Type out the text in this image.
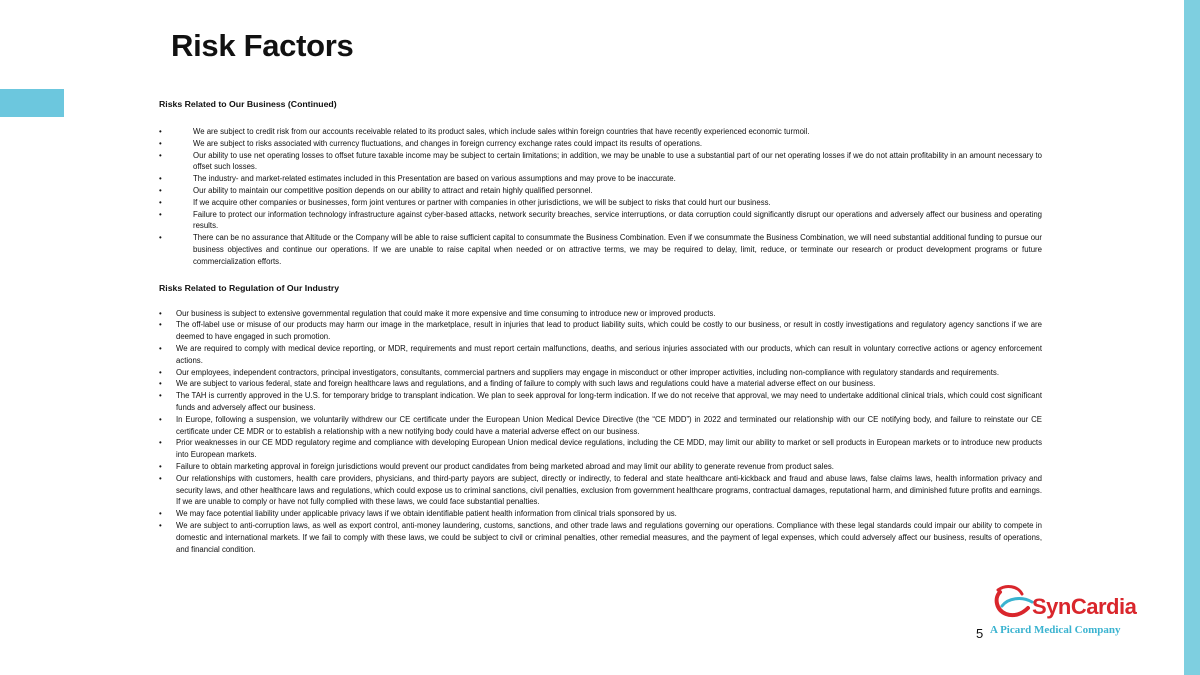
Risk Factors
Risks Related to Our Business (Continued)
• We are subject to credit risk from our accounts receivable related to its product sales, which include sales within foreign countries that have recently experienced economic turmoil.
• We are subject to risks associated with currency fluctuations, and changes in foreign currency exchange rates could impact its results of operations.
• Our ability to use net operating losses to offset future taxable income may be subject to certain limitations; in addition, we may be unable to use a substantial part of our net operating losses if we do not attain profitability in an amount necessary to offset such losses.
• The industry- and market-related estimates included in this Presentation are based on various assumptions and may prove to be inaccurate.
• Our ability to maintain our competitive position depends on our ability to attract and retain highly qualified personnel.
• If we acquire other companies or businesses, form joint ventures or partner with companies in other jurisdictions, we will be subject to risks that could hurt our business.
• Failure to protect our information technology infrastructure against cyber-based attacks, network security breaches, service interruptions, or data corruption could significantly disrupt our operations and adversely affect our business and operating results.
• There can be no assurance that Altitude or the Company will be able to raise sufficient capital to consummate the Business Combination. Even if we consummate the Business Combination, we will need substantial additional funding to pursue our business objectives and continue our operations. If we are unable to raise capital when needed or on attractive terms, we may be required to delay, limit, reduce, or terminate our research or product development programs or future commercialization efforts.
Risks Related to Regulation of Our Industry
• Our business is subject to extensive governmental regulation that could make it more expensive and time consuming to introduce new or improved products.
• The off-label use or misuse of our products may harm our image in the marketplace, result in injuries that lead to product liability suits, which could be costly to our business, or result in costly investigations and regulatory agency sanctions if we are deemed to have engaged in such promotion.
• We are required to comply with medical device reporting, or MDR, requirements and must report certain malfunctions, deaths, and serious injuries associated with our products, which can result in voluntary corrective actions or agency enforcement actions.
• Our employees, independent contractors, principal investigators, consultants, commercial partners and suppliers may engage in misconduct or other improper activities, including non-compliance with regulatory standards and requirements.
• We are subject to various federal, state and foreign healthcare laws and regulations, and a finding of failure to comply with such laws and regulations could have a material adverse effect on our business.
• The TAH is currently approved in the U.S. for temporary bridge to transplant indication. We plan to seek approval for long-term indication. If we do not receive that approval, we may need to undertake additional clinical trials, which could cost significant funds and adversely affect our business.
• In Europe, following a suspension, we voluntarily withdrew our CE certificate under the European Union Medical Device Directive (the “CE MDD”) in 2022 and terminated our relationship with our CE notifying body, and failure to reinstate our CE certificate under CE MDR or to establish a relationship with a new notifying body could have a material adverse effect on our business.
• Prior weaknesses in our CE MDD regulatory regime and compliance with developing European Union medical device regulations, including the CE MDD, may limit our ability to market or sell products in European markets or to introduce new products into European markets.
• Failure to obtain marketing approval in foreign jurisdictions would prevent our product candidates from being marketed abroad and may limit our ability to generate revenue from product sales.
• Our relationships with customers, health care providers, physicians, and third-party payors are subject, directly or indirectly, to federal and state healthcare anti-kickback and fraud and abuse laws, false claims laws, health information privacy and security laws, and other healthcare laws and regulations, which could expose us to criminal sanctions, civil penalties, exclusion from government healthcare programs, contractual damages, reputational harm, and diminished future profits and earnings. If we are unable to comply or have not fully complied with these laws, we could face substantial penalties.
• We may face potential liability under applicable privacy laws if we obtain identifiable patient health information from clinical trials sponsored by us.
• We are subject to anti-corruption laws, as well as export control, anti-money laundering, customs, sanctions, and other trade laws and regulations governing our operations. Compliance with these legal standards could impair our ability to compete in domestic and international markets. If we fail to comply with these laws, we could be subject to civil or criminal penalties, other remedial measures, and the payment of legal expenses, which could adversely affect our business, results of operations, and financial condition.
5
SynCardia
A Picard Medical Company
